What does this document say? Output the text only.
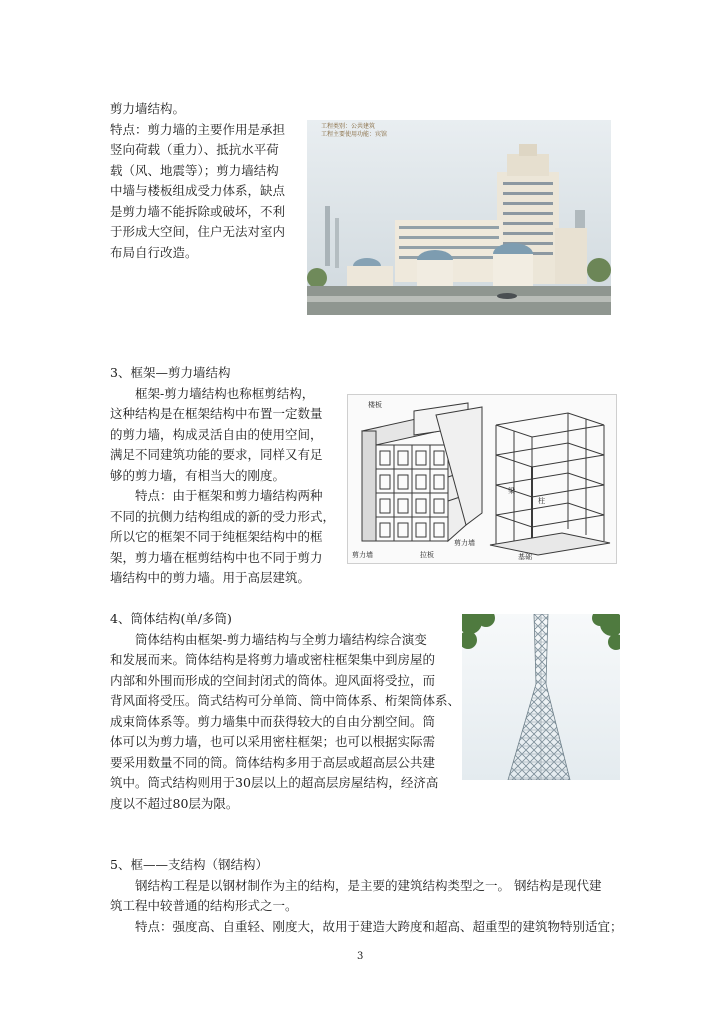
剪力墙结构。
特点：剪力墙的主要作用是承担
竖向荷载（重力）、抵抗水平荷
载（风、地震等）；剪力墙结构
中墙与楼板组成受力体系，缺点
是剪力墙不能拆除或破坏，不利
于形成大空间，住户无法对室内
布局自行改造。
工程类别：公共建筑
工程主要使用功能：宾馆
3、框架—剪力墙结构
框架-剪力墙结构也称框剪结构，
这种结构是在框架结构中布置一定数量
的剪力墙，构成灵活自由的使用空间，
满足不同建筑功能的要求，同样又有足
够的剪力墙，有相当大的刚度。
特点：由于框架和剪力墙结构两种
不同的抗侧力结构组成的新的受力形式，
所以它的框架不同于纯框架结构中的框
架，剪力墙在框剪结构中也不同于剪力
墙结构中的剪力墙。用于高层建筑。
楼板
剪力墙	拉板
剪力墙
梁
柱
基础
4、筒体结构(单/多筒)
筒体结构由框架-剪力墙结构与全剪力墙结构综合演变
和发展而来。筒体结构是将剪力墙或密柱框架集中到房屋的
内部和外围而形成的空间封闭式的筒体。迎风面将受拉，而
背风面将受压。筒式结构可分单筒、筒中筒体系、桁架筒体系、
成束筒体系等。剪力墙集中而获得较大的自由分割空间。筒
体可以为剪力墙，也可以采用密柱框架；也可以根据实际需
要采用数量不同的筒。筒体结构多用于高层或超高层公共建
筑中。筒式结构则用于30层以上的超高层房屋结构，经济高
度以不超过80层为限。
5、框——支结构（钢结构）
钢结构工程是以钢材制作为主的结构，是主要的建筑结构类型之一。 钢结构是现代建
筑工程中较普通的结构形式之一。
特点：强度高、自重轻、刚度大，故用于建造大跨度和超高、超重型的建筑物特别适宜；
3
